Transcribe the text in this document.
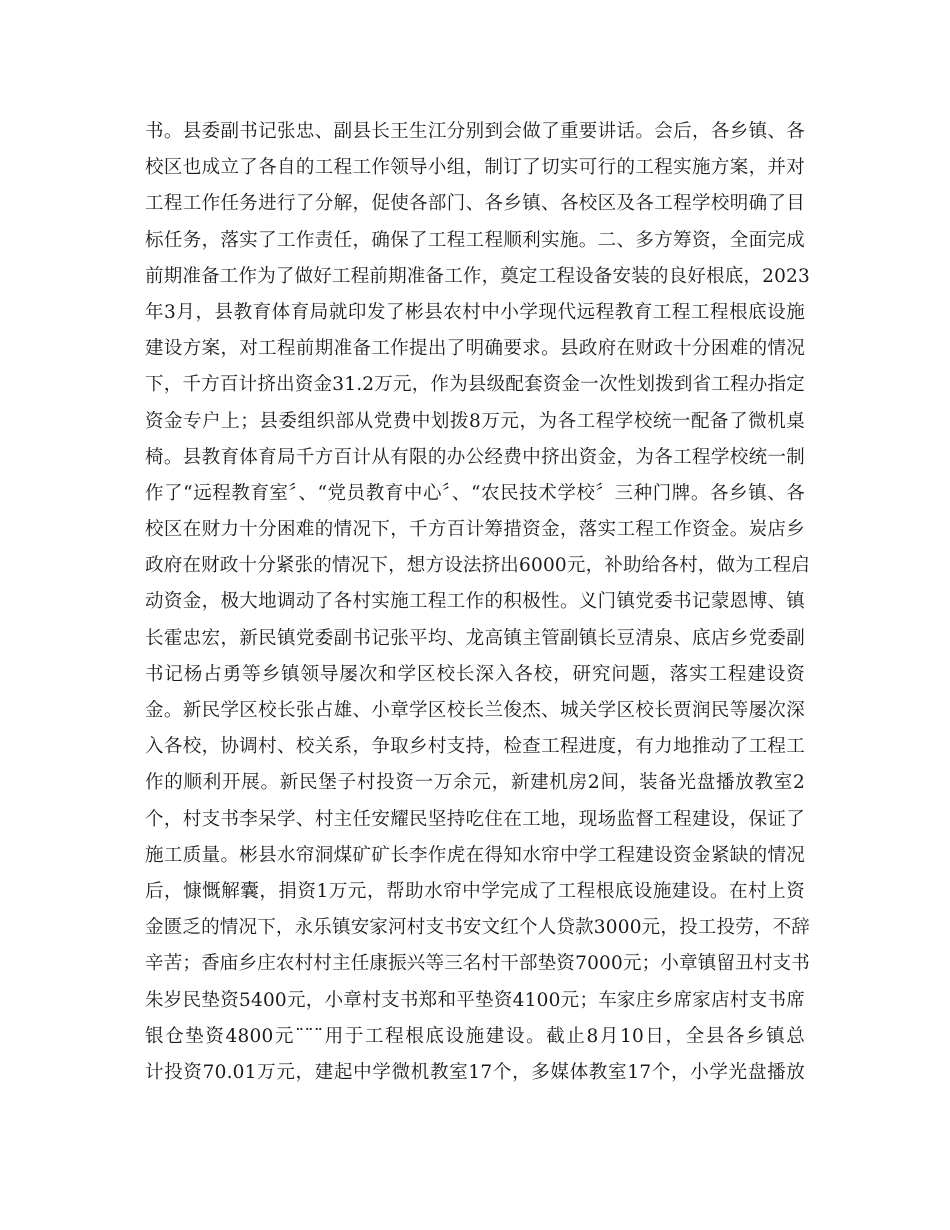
书。县委副书记张忠、副县长王生江分别到会做了重要讲话。会后，各乡镇、各
校区也成立了各自的工程工作领导小组，制订了切实可行的工程实施方案，并对
工程工作任务进行了分解，促使各部门、各乡镇、各校区及各工程学校明确了目
标任务，落实了工作责任，确保了工程工程顺利实施。二、多方筹资，全面完成
前期准备工作为了做好工程前期准备工作，奠定工程设备安装的良好根底，2023
年3月，县教育体育局就印发了彬县农村中小学现代远程教育工程工程根底设施
建设方案，对工程前期准备工作提出了明确要求。县政府在财政十分困难的情况
下，千方百计挤出资金31.2万元，作为县级配套资金一次性划拨到省工程办指定
资金专户上；县委组织部从党费中划拨8万元，为各工程学校统一配备了微机桌
椅。县教育体育局千方百计从有限的办公经费中挤出资金，为各工程学校统一制
作了“远程教育室〞、“党员教育中心〞、“农民技术学校〞三种门牌。各乡镇、各
校区在财力十分困难的情况下，千方百计筹措资金，落实工程工作资金。炭店乡
政府在财政十分紧张的情况下，想方设法挤出6000元，补助给各村，做为工程启
动资金，极大地调动了各村实施工程工作的积极性。义门镇党委书记蒙恩博、镇
长霍忠宏，新民镇党委副书记张平均、龙高镇主管副镇长豆清泉、底店乡党委副
书记杨占勇等乡镇领导屡次和学区校长深入各校，研究问题，落实工程建设资
金。新民学区校长张占雄、小章学区校长兰俊杰、城关学区校长贾润民等屡次深
入各校，协调村、校关系，争取乡村支持，检查工程进度，有力地推动了工程工
作的顺利开展。新民堡子村投资一万余元，新建机房2间，装备光盘播放教室2
个，村支书李呆学、村主任安耀民坚持吃住在工地，现场监督工程建设，保证了
施工质量。彬县水帘洞煤矿矿长李作虎在得知水帘中学工程建设资金紧缺的情况
后，慷慨解囊，捐资1万元，帮助水帘中学完成了工程根底设施建设。在村上资
金匮乏的情况下，永乐镇安家河村支书安文红个人贷款3000元，投工投劳，不辞
辛苦；香庙乡庄农村村主任康振兴等三名村干部垫资7000元；小章镇留丑村支书
朱岁民垫资5400元，小章村支书郑和平垫资4100元；车家庄乡席家店村支书席
银仓垫资4800元¨¨¨用于工程根底设施建设。截止8月10日，全县各乡镇总
计投资70.01万元，建起中学微机教室17个，多媒体教室17个，小学光盘播放
